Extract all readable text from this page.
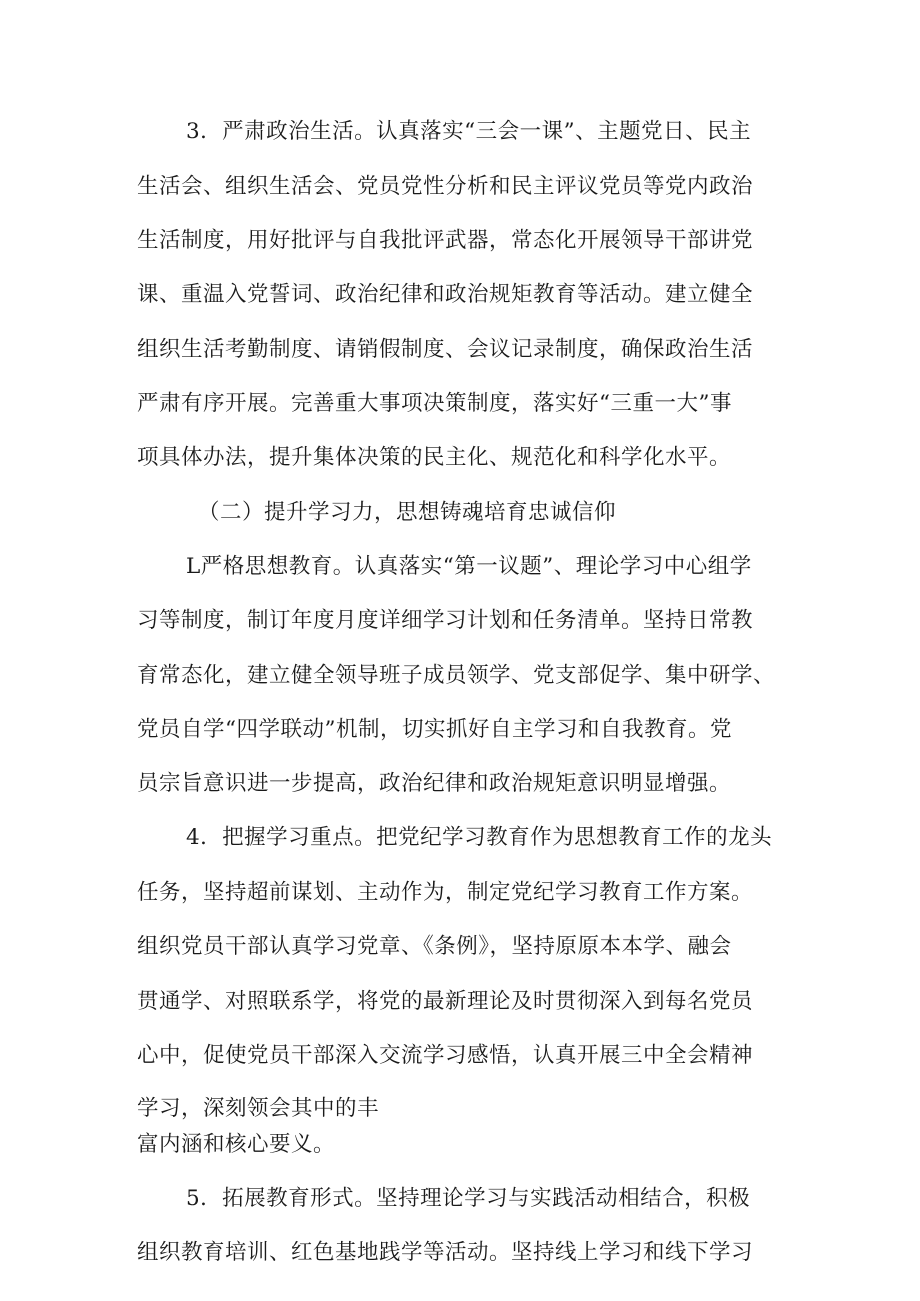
3．严肃政治生活。认真落实“三会一课”、主题党日、民主
生活会、组织生活会、党员党性分析和民主评议党员等党内政治
生活制度，用好批评与自我批评武器，常态化开展领导干部讲党
课、重温入党誓词、政治纪律和政治规矩教育等活动。建立健全
组织生活考勤制度、请销假制度、会议记录制度，确保政治生活
严肃有序开展。完善重大事项决策制度，落实好“三重一大”事
项具体办法，提升集体决策的民主化、规范化和科学化水平。
（二）提升学习力，思想铸魂培育忠诚信仰
L严格思想教育。认真落实“第一议题”、理论学习中心组学
习等制度，制订年度月度详细学习计划和任务清单。坚持日常教
育常态化，建立健全领导班子成员领学、党支部促学、集中研学、
党员自学“四学联动”机制，切实抓好自主学习和自我教育。党
员宗旨意识进一步提高，政治纪律和政治规矩意识明显增强。
4．把握学习重点。把党纪学习教育作为思想教育工作的龙头
任务，坚持超前谋划、主动作为，制定党纪学习教育工作方案。
组织党员干部认真学习党章、《条例》，坚持原原本本学、融会
贯通学、对照联系学，将党的最新理论及时贯彻深入到每名党员
心中，促使党员干部深入交流学习感悟，认真开展三中全会精神
学习，深刻领会其中的丰
富内涵和核心要义。
5．拓展教育形式。坚持理论学习与实践活动相结合，积极
组织教育培训、红色基地践学等活动。坚持线上学习和线下学习
